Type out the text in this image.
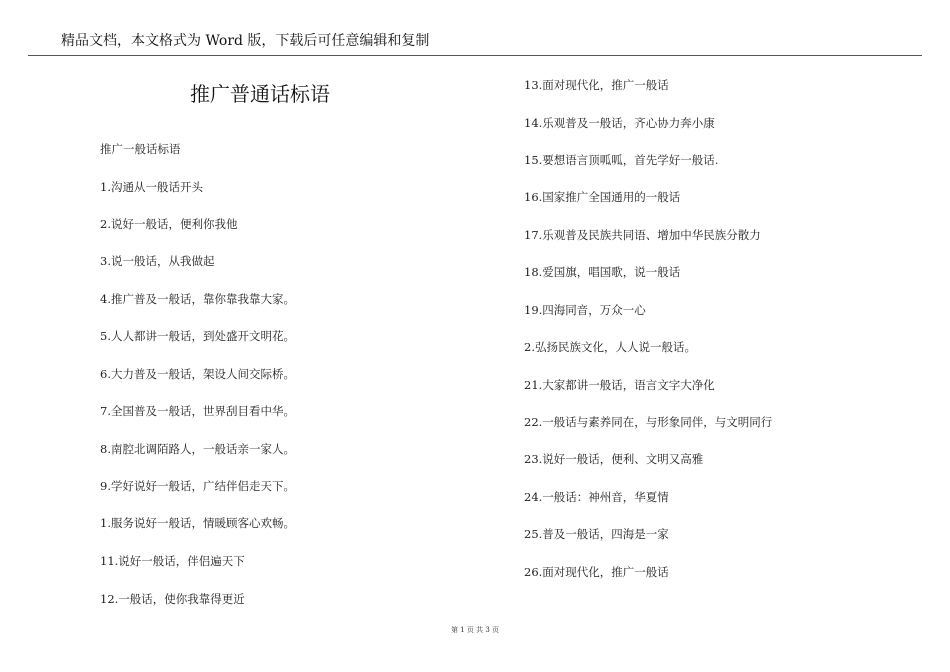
精品文档，本文格式为 Word 版，下载后可任意编辑和复制
推广普通话标语
推广一般话标语
1.沟通从一般话开头
2.说好一般话，便利你我他
3.说一般话，从我做起
4.推广普及一般话，靠你靠我靠大家。
5.人人都讲一般话，到处盛开文明花。
6.大力普及一般话，架设人间交际桥。
7.全国普及一般话，世界刮目看中华。
8.南腔北调陌路人，一般话亲一家人。
9.学好说好一般话，广结伴侣走天下。
1.服务说好一般话，情暖顾客心欢畅。
11.说好一般话，伴侣遍天下
12.一般话，使你我靠得更近
13.面对现代化，推广一般话
14.乐观普及一般话，齐心协力奔小康
15.要想语言顶呱呱，首先学好一般话.
16.国家推广全国通用的一般话
17.乐观普及民族共同语、增加中华民族分散力
18.爱国旗，唱国歌，说一般话
19.四海同音，万众一心
2.弘扬民族文化，人人说一般话。
21.大家都讲一般话，语言文字大净化
22.一般话与素养同在，与形象同伴，与文明同行
23.说好一般话，便利、文明又高雅
24.一般话：神州音，华夏情
25.普及一般话，四海是一家
26.面对现代化，推广一般话
第 1 页 共 3 页
